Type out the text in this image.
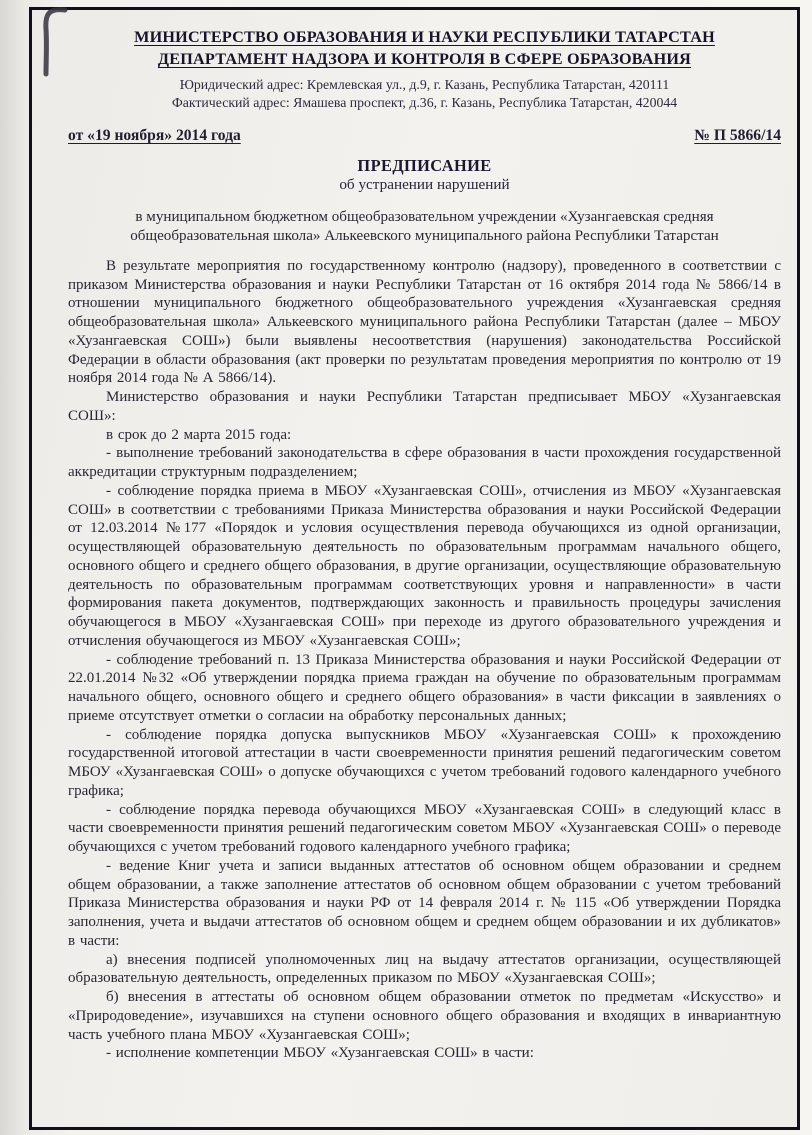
МИНИСТЕРСТВО ОБРАЗОВАНИЯ И НАУКИ РЕСПУБЛИКИ ТАТАРСТАН
ДЕПАРТАМЕНТ НАДЗОРА И КОНТРОЛЯ В СФЕРЕ ОБРАЗОВАНИЯ
Юридический адрес: Кремлевская ул., д.9, г. Казань, Республика Татарстан, 420111
Фактический адрес: Ямашева проспект, д.36, г. Казань, Республика Татарстан, 420044
от «19 ноября» 2014 года	№ П 5866/14
ПРЕДПИСАНИЕ
об устранении нарушений

в муниципальном бюджетном общеобразовательном учреждении «Хузангаевская средняя общеобразовательная школа» Алькеевского муниципального района Республики Татарстан

В результате мероприятия по государственному контролю (надзору), проведенного в соответствии с приказом Министерства образования и науки Республики Татарстан от 16 октября 2014 года № 5866/14 в отношении муниципального бюджетного общеобразовательного учреждения «Хузангаевская средняя общеобразовательная школа» Алькеевского муниципального района Республики Татарстан (далее – МБОУ «Хузангаевская СОШ») были выявлены несоответствия (нарушения) законодательства Российской Федерации в области образования (акт проверки по результатам проведения мероприятия по контролю от 19 ноября 2014 года № А 5866/14).

Министерство образования и науки Республики Татарстан предписывает МБОУ «Хузангаевская СОШ»:

в срок до 2 марта 2015 года:

- выполнение требований законодательства в сфере образования в части прохождения государственной аккредитации структурным подразделением;

- соблюдение порядка приема в МБОУ «Хузангаевская СОШ», отчисления из МБОУ «Хузангаевская СОШ» в соответствии с требованиями Приказа Министерства образования и науки Российской Федерации от 12.03.2014 №177 «Порядок и условия осуществления перевода обучающихся из одной организации, осуществляющей образовательную деятельность по образовательным программам начального общего, основного общего и среднего общего образования, в другие организации, осуществляющие образовательную деятельность по образовательным программам соответствующих уровня и направленности» в части формирования пакета документов, подтверждающих законность и правильность процедуры зачисления обучающегося в МБОУ «Хузангаевская СОШ» при переходе из другого образовательного учреждения и отчисления обучающегося из МБОУ «Хузангаевская СОШ»;

- соблюдение требований п. 13 Приказа Министерства образования и науки Российской Федерации от 22.01.2014 №32 «Об утверждении порядка приема граждан на обучение по образовательным программам начального общего, основного общего и среднего общего образования» в части фиксации в заявлениях о приеме отсутствует отметки о согласии на обработку персональных данных;

- соблюдение порядка допуска выпускников МБОУ «Хузангаевская СОШ» к прохождению государственной итоговой аттестации в части своевременности принятия решений педагогическим советом МБОУ «Хузангаевская СОШ» о допуске обучающихся с учетом требований годового календарного учебного графика;

- соблюдение порядка перевода обучающихся МБОУ «Хузангаевская СОШ» в следующий класс в части своевременности принятия решений педагогическим советом МБОУ «Хузангаевская СОШ» о переводе обучающихся с учетом требований годового календарного учебного графика;

- ведение Книг учета и записи выданных аттестатов об основном общем образовании и среднем общем образовании, а также заполнение аттестатов об основном общем образовании с учетом требований Приказа Министерства образования и науки РФ от 14 февраля 2014 г. № 115 «Об утверждении Порядка заполнения, учета и выдачи аттестатов об основном общем и среднем общем образовании и их дубликатов» в части:

а) внесения подписей уполномоченных лиц на выдачу аттестатов организации, осуществляющей образовательную деятельность, определенных приказом по МБОУ «Хузангаевская СОШ»;

б) внесения в аттестаты об основном общем образовании отметок по предметам «Искусство» и «Природоведение», изучавшихся на ступени основного общего образования и входящих в инвариантную часть учебного плана МБОУ «Хузангаевская СОШ»;

- исполнение компетенции МБОУ «Хузангаевская СОШ» в части:
